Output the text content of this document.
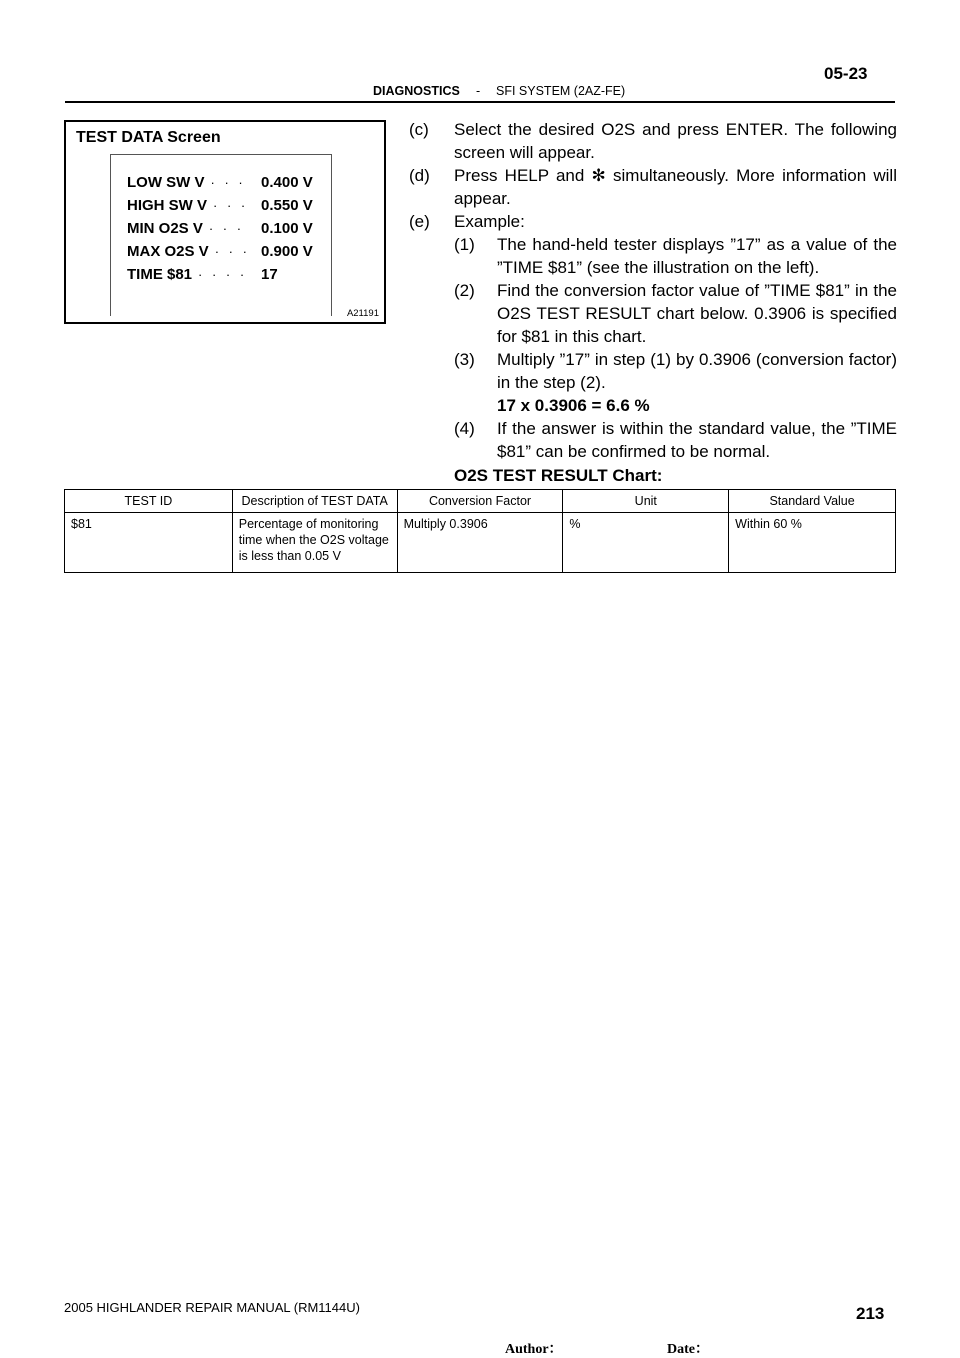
DIAGNOSTICS - SFI SYSTEM (2AZ-FE)
05-23
TEST DATA Screen
LOW SW V · · · 0.400 V
HIGH SW V · · · 0.550 V
MIN O2S V · · · 0.100 V
MAX O2S V · · · 0.900 V
TIME $81 · · · · 17
A21191
(c) Select the desired O2S and press ENTER. The following screen will appear.
(d) Press HELP and ✻ simultaneously. More information will appear.
(e) Example:
(1) The hand-held tester displays ”17” as a value of the ”TIME $81” (see the illustration on the left).
(2) Find the conversion factor value of ”TIME $81” in the O2S TEST RESULT chart below. 0.3906 is specified for $81 in this chart.
(3) Multiply ”17” in step (1) by 0.3906 (conversion factor) in the step (2).
17 x 0.3906 = 6.6 %
(4) If the answer is within the standard value, the ”TIME $81” can be confirmed to be normal.
O2S TEST RESULT Chart:
TEST ID	Description of TEST DATA	Conversion Factor	Unit	Standard Value
$81	Percentage of monitoring
time when the O2S voltage
is less than 0.05 V	Multiply 0.3906	%	Within 60 %
2005 HIGHLANDER REPAIR MANUAL (RM1144U)	213
Author：	Date：
